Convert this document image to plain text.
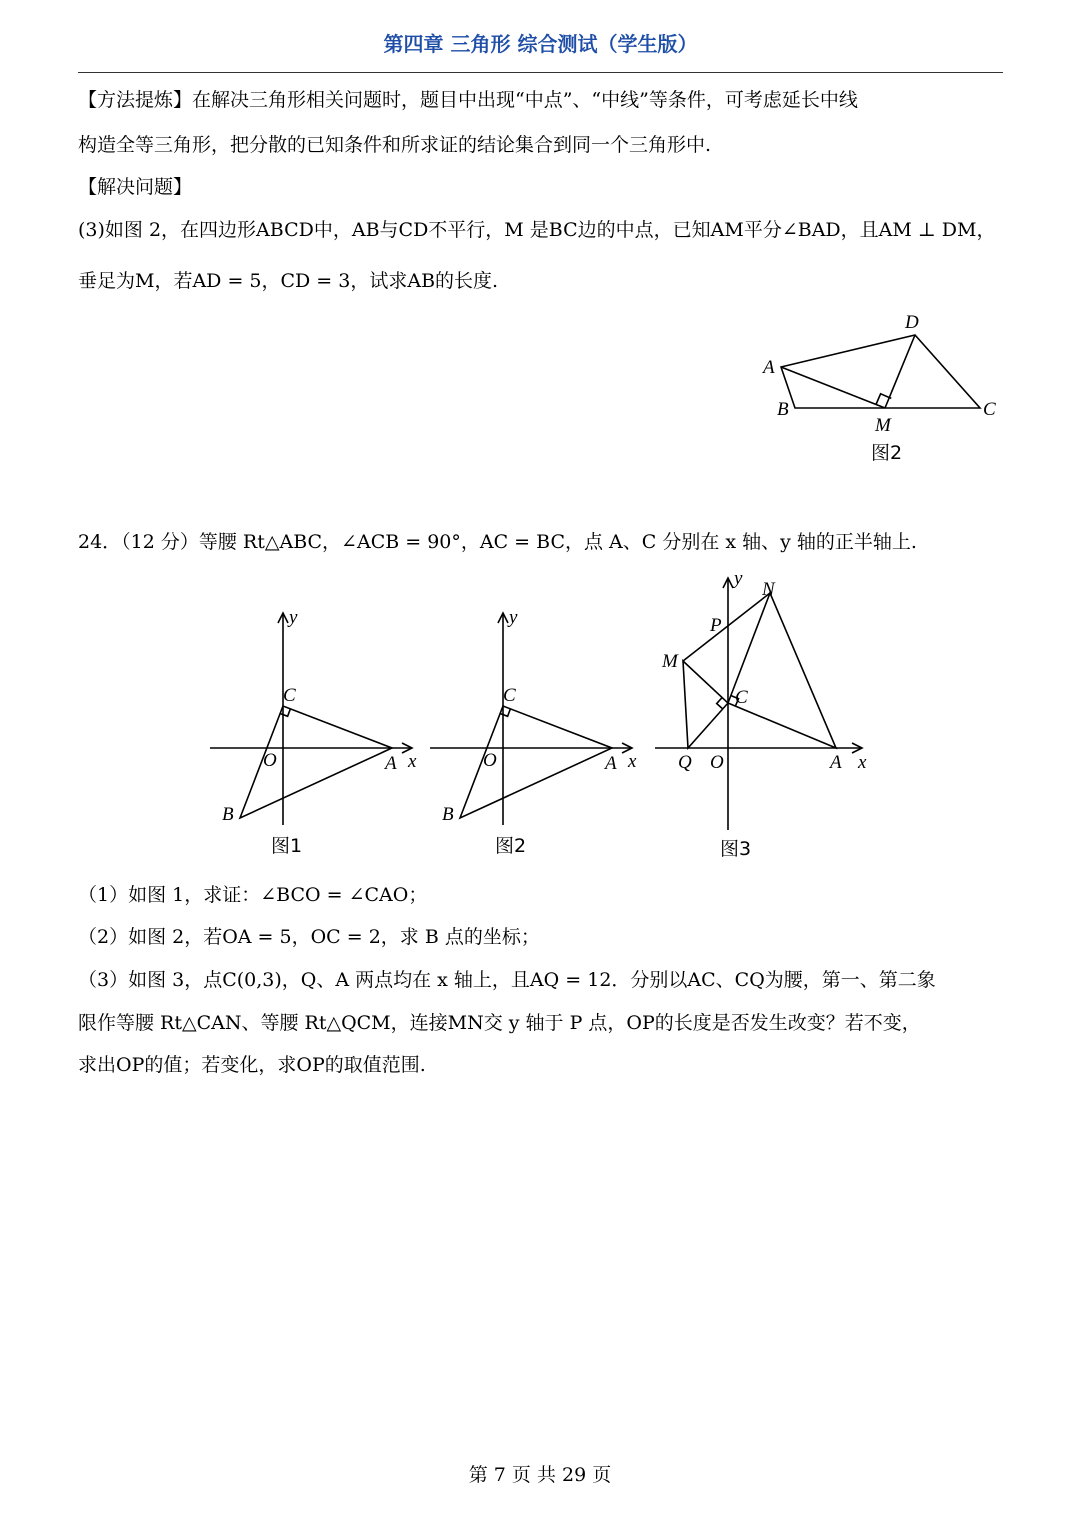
第四章 三角形 综合测试（学生版）
【方法提炼】在解决三角形相关问题时，题目中出现“中点”、“中线”等条件，可考虑延长中线
构造全等三角形，把分散的已知条件和所求证的结论集合到同一个三角形中.
【解决问题】
(3)如图 2，在四边形ABCD中，AB与CD不平行，M 是BC边的中点，已知AM平分∠BAD，且AM ⊥ DM，
垂足为M，若AD = 5，CD = 3，试求AB的长度.
A
B	C
D
M
图2
24．（12 分）等腰 Rt△ABC，∠ACB = 90°，AC = BC，点 A、C 分别在 x 轴、y 轴的正半轴上.
y
x
C
O	A
B
图1
y
x
C
O	A
B
图2
y
x
N
P
M
C
Q O	A
图3
（1）如图 1，求证：∠BCO = ∠CAO；
（2）如图 2，若OA = 5，OC = 2，求 B 点的坐标；
（3）如图 3，点C(0,3)，Q、A 两点均在 x 轴上，且AQ = 12．分别以AC、CQ为腰，第一、第二象
限作等腰 Rt△CAN、等腰 Rt△QCM，连接MN交 y 轴于 P 点，OP的长度是否发生改变？若不变，
求出OP的值；若变化，求OP的取值范围.
第 7 页 共 29 页
